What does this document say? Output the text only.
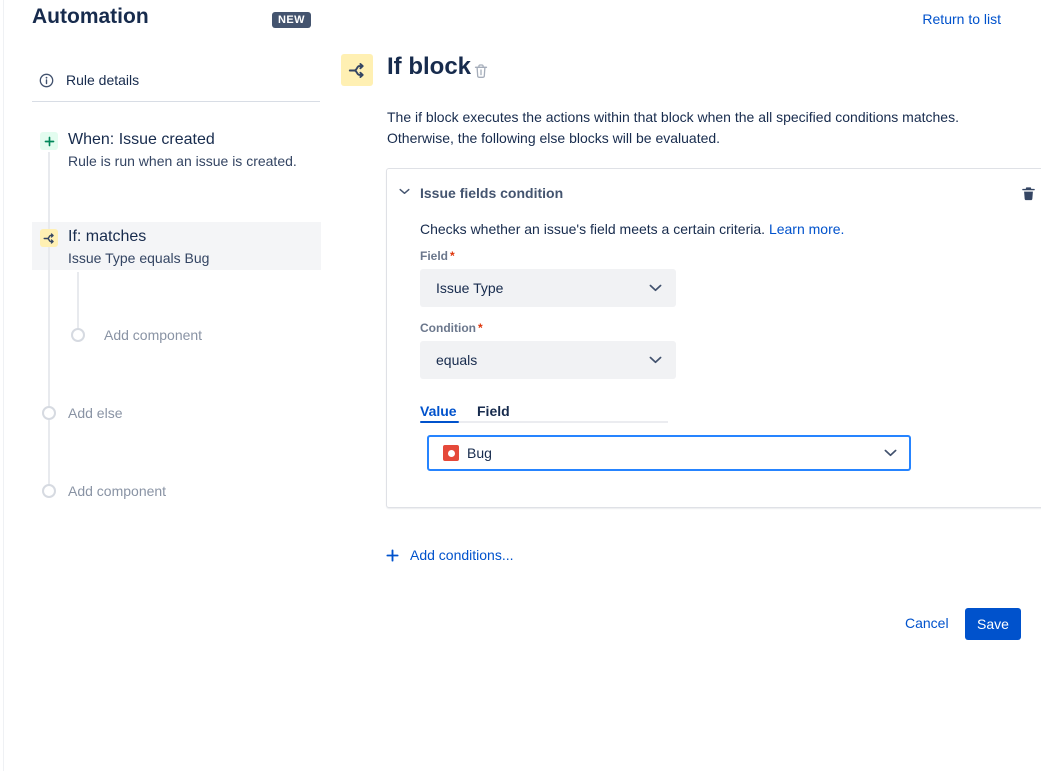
Automation	NEW	Return to list
Rule details
When: Issue created
Rule is run when an issue is created.
If: matches
Issue Type equals Bug
Add component
Add else
Add component
If block
The if block executes the actions within that block when the all specified conditions matches.
Otherwise, the following else blocks will be evaluated.
Issue fields condition
Checks whether an issue's field meets a certain criteria. Learn more.
Field *
Issue Type
Condition *
equals
Value Field
Bug
Add conditions...
Cancel	Save
